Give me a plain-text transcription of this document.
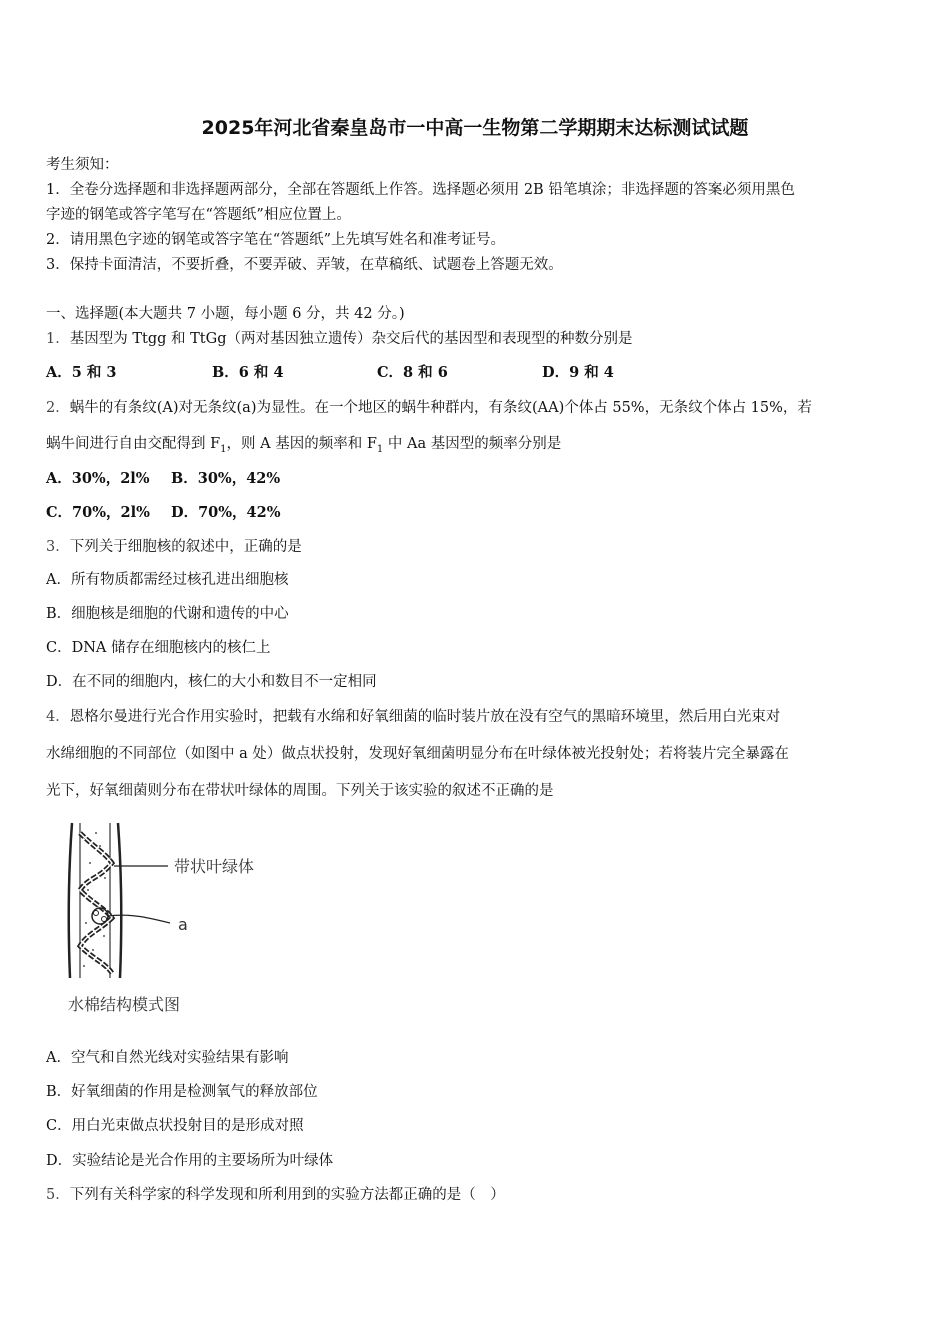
2025年河北省秦皇岛市一中高一生物第二学期期末达标测试试题
考生须知：
1．全卷分选择题和非选择题两部分，全部在答题纸上作答。选择题必须用 2B 铅笔填涂；非选择题的答案必须用黑色
字迹的钢笔或答字笔写在“答题纸”相应位置上。
2．请用黑色字迹的钢笔或答字笔在“答题纸”上先填写姓名和准考证号。
3．保持卡面清洁，不要折叠，不要弄破、弄皱，在草稿纸、试题卷上答题无效。
一、选择题(本大题共 7 小题，每小题 6 分，共 42 分。)
1．基因型为 Ttgg 和 TtGg（两对基因独立遗传）杂交后代的基因型和表现型的种数分别是
A．5 和 3	B．6 和 4	C．8 和 6	D．9 和 4
2．蜗牛的有条纹(A)对无条纹(a)为显性。在一个地区的蜗牛种群内，有条纹(AA)个体占 55%，无条纹个体占 15%，若
蜗牛间进行自由交配得到 $F_1$，则 A 基因的频率和 $F_1$ 中 Aa 基因型的频率分别是
A．30%，2l% B．30%，42%
C．70%，2l% D．70%，42%
3．下列关于细胞核的叙述中，正确的是
A．所有物质都需经过核孔进出细胞核
B．细胞核是细胞的代谢和遗传的中心
C．DNA 储存在细胞核内的核仁上
D．在不同的细胞内，核仁的大小和数目不一定相同
4．恩格尔曼进行光合作用实验时，把载有水绵和好氧细菌的临时装片放在没有空气的黑暗环境里，然后用白光束对
水绵细胞的不同部位（如图中 a 处）做点状投射，发现好氧细菌明显分布在叶绿体被光投射处；若将装片完全暴露在
光下，好氧细菌则分布在带状叶绿体的周围。下列关于该实验的叙述不正确的是
带状叶绿体
a
水棉结构模式图
A．空气和自然光线对实验结果有影响
B．好氧细菌的作用是检测氧气的释放部位
C．用白光束做点状投射目的是形成对照
D．实验结论是光合作用的主要场所为叶绿体
5．下列有关科学家的科学发现和所利用到的实验方法都正确的是（　）
